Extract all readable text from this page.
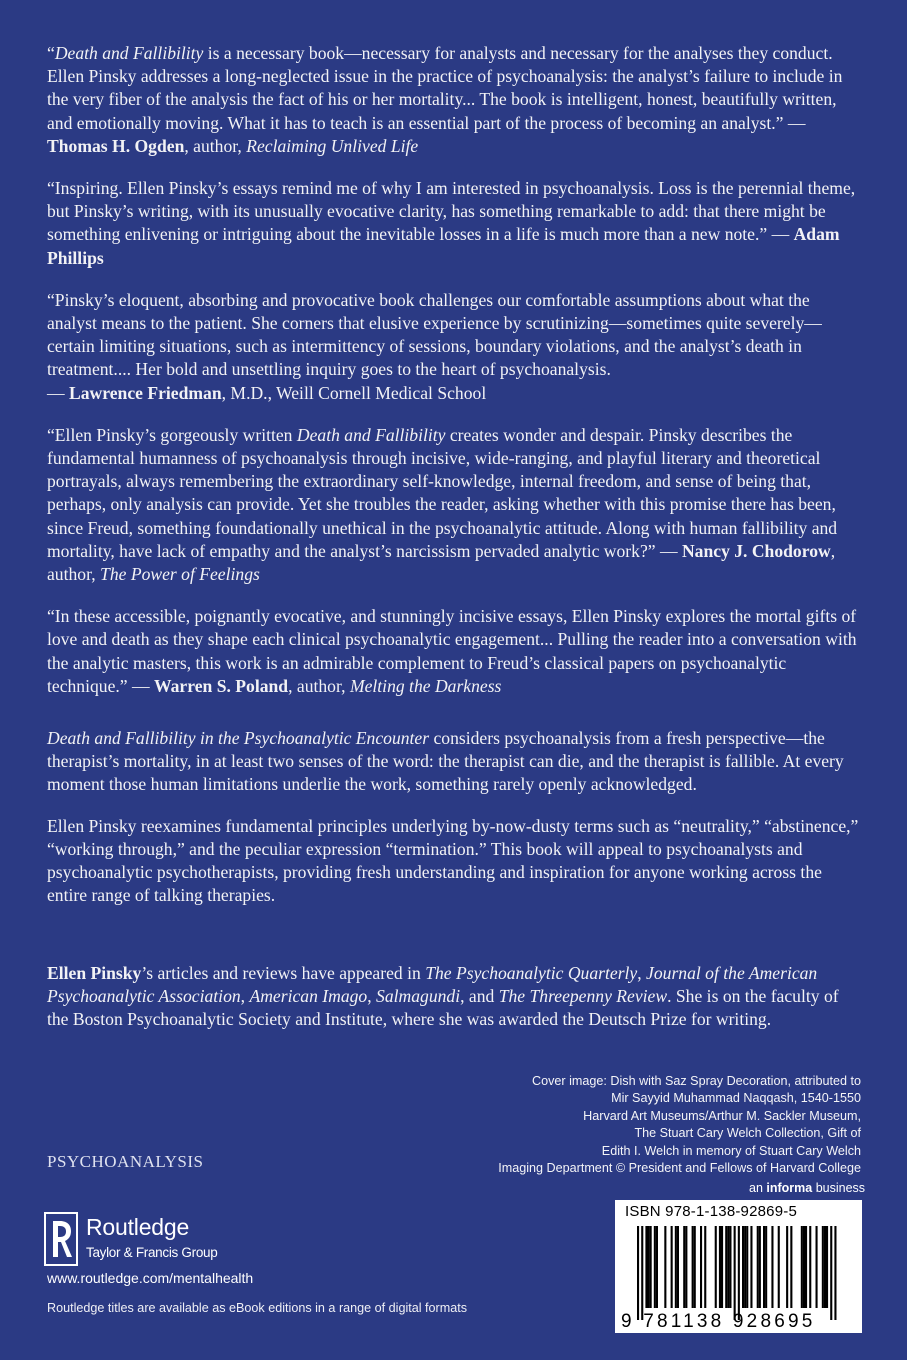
“Death and Fallibility is a necessary book—necessary for analysts and necessary for the analyses they conduct. Ellen Pinsky addresses a long-neglected issue in the practice of psychoanalysis: the analyst’s failure to include in the very fiber of the analysis the fact of his or her mortality... The book is intelligent, honest, beautifully written, and emotionally moving. What it has to teach is an essential part of the process of becoming an analyst.” — Thomas H. Ogden, author, Reclaiming Unlived Life

“Inspiring. Ellen Pinsky’s essays remind me of why I am interested in psychoanalysis. Loss is the perennial theme, but Pinsky’s writing, with its unusually evocative clarity, has something remarkable to add: that there might be something enlivening or intriguing about the inevitable losses in a life is much more than a new note.” — Adam Phillips

“Pinsky’s eloquent, absorbing and provocative book challenges our comfortable assumptions about what the analyst means to the patient. She corners that elusive experience by scrutinizing—sometimes quite severely—certain limiting situations, such as intermittency of sessions, boundary violations, and the analyst’s death in treatment.... Her bold and unsettling inquiry goes to the heart of psychoanalysis.
— Lawrence Friedman, M.D., Weill Cornell Medical School

“Ellen Pinsky’s gorgeously written Death and Fallibility creates wonder and despair. Pinsky describes the fundamental humanness of psychoanalysis through incisive, wide-ranging, and playful literary and theoretical portrayals, always remembering the extraordinary self-knowledge, internal freedom, and sense of being that, perhaps, only analysis can provide. Yet she troubles the reader, asking whether with this promise there has been, since Freud, something foundationally unethical in the psychoanalytic attitude. Along with human fallibility and mortality, have lack of empathy and the analyst’s narcissism pervaded analytic work?” — Nancy J. Chodorow, author, The Power of Feelings

“In these accessible, poignantly evocative, and stunningly incisive essays, Ellen Pinsky explores the mortal gifts of love and death as they shape each clinical psychoanalytic engagement... Pulling the reader into a conversation with the analytic masters, this work is an admirable complement to Freud’s classical papers on psychoanalytic technique.” — Warren S. Poland, author, Melting the Darkness

Death and Fallibility in the Psychoanalytic Encounter considers psychoanalysis from a fresh perspective—the therapist’s mortality, in at least two senses of the word: the therapist can die, and the therapist is fallible. At every moment those human limitations underlie the work, something rarely openly acknowledged.

Ellen Pinsky reexamines fundamental principles underlying by-now-dusty terms such as “neutrality,” “abstinence,” “working through,” and the peculiar expression “termination.” This book will appeal to psychoanalysts and psychoanalytic psychotherapists, providing fresh understanding and inspiration for anyone working across the entire range of talking therapies.

Ellen Pinsky’s articles and reviews have appeared in The Psychoanalytic Quarterly, Journal of the American Psychoanalytic Association, American Imago, Salmagundi, and The Threepenny Review. She is on the faculty of the Boston Psychoanalytic Society and Institute, where she was awarded the Deutsch Prize for writing.

Cover image: Dish with Saz Spray Decoration, attributed to
Mir Sayyid Muhammad Naqqash, 1540-1550
Harvard Art Museums/Arthur M. Sackler Museum,
The Stuart Cary Welch Collection, Gift of
Edith I. Welch in memory of Stuart Cary Welch
Imaging Department © President and Fellows of Harvard College
PSYCHOANALYSIS
Routledge
Taylor & Francis Group
www.routledge.com/mentalhealth
Routledge titles are available as eBook editions in a range of digital formats
an informa business
ISBN 978-1-138-92869-5
9 781138 928695
